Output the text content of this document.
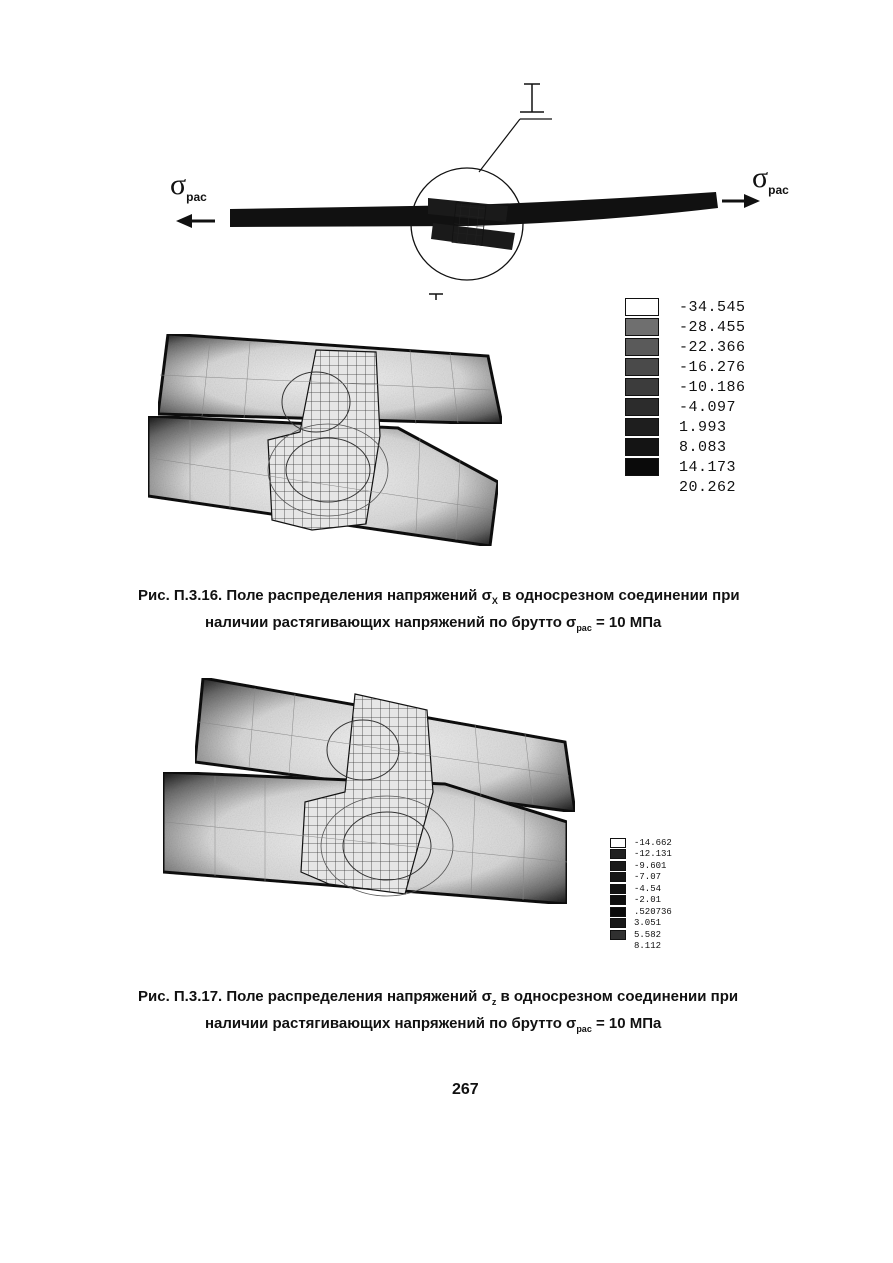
$\sigma_{рас}$
$\sigma_{рас}$
-34.545
-28.455
-22.366
-16.276
-10.186
-4.097
1.993
8.083
14.173
20.262
Рис. П.3.16. Поле распределения напряжений $\sigma_X$ в односрезном соединении при
наличии растягивающих напряжений по брутто $\sigma_{рас} = 10$ МПа
-14.662
-12.131
-9.601
-7.07
-4.54
-2.01
.520736
3.051
5.582
8.112
Рис. П.3.17. Поле распределения напряжений $\sigma_z$ в односрезном соединении при
наличии растягивающих напряжений по брутто $\sigma_{рас} = 10$ МПа
267
